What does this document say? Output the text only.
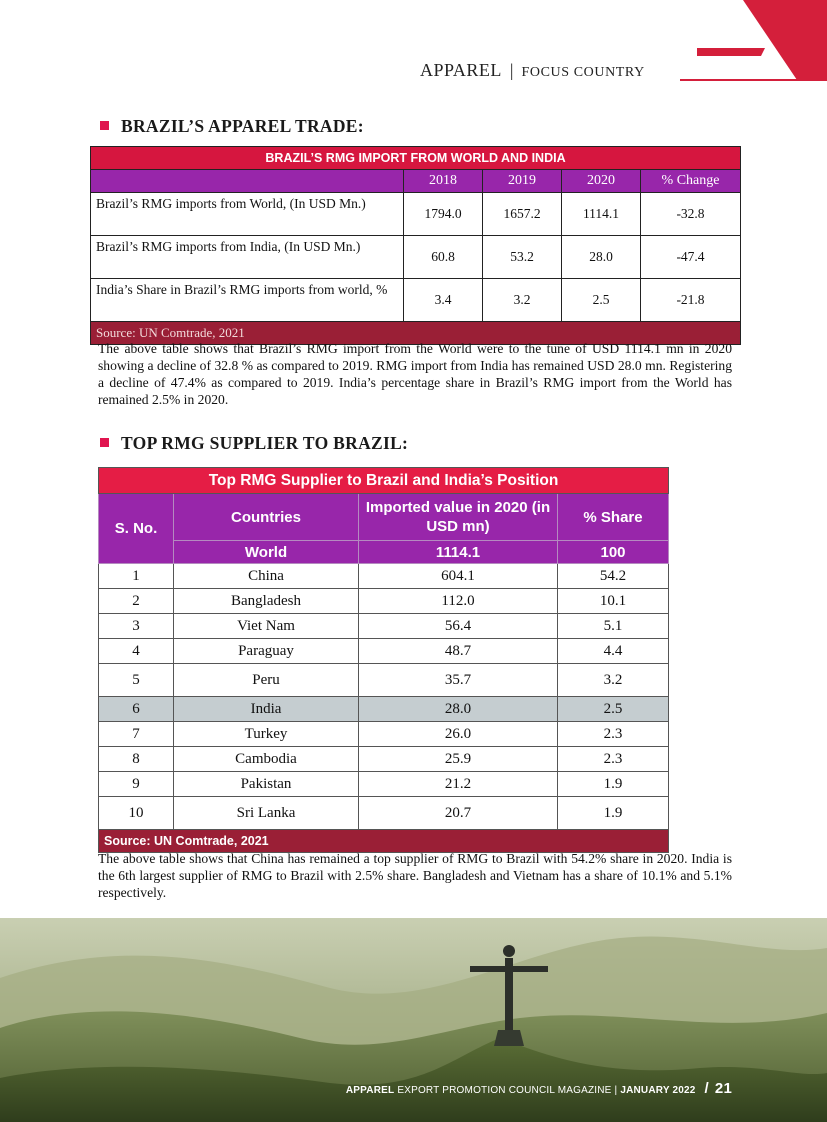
APPAREL | FOCUS COUNTRY
BRAZIL’S APPAREL TRADE:
BRAZIL’S RMG IMPORT FROM WORLD AND INDIA				
	2018	2019	2020	% Change
Brazil’s RMG imports from World, (In USD Mn.)	1794.0	1657.2	1114.1	-32.8
Brazil’s RMG imports from India, (In USD Mn.)	60.8	53.2	28.0	-47.4
India’s Share in Brazil’s RMG imports from world, %	3.4	3.2	2.5	-21.8
Source: UN Comtrade, 2021				
The above table shows that Brazil’s RMG import from the World were to the tune of USD 1114.1 mn in 2020 showing a decline of 32.8 % as compared to 2019. RMG import from India has remained USD 28.0 mn. Registering a decline of 47.4% as compared to 2019. India’s percentage share in Brazil’s RMG import from the World has remained 2.5% in 2020.
TOP RMG SUPPLIER TO BRAZIL:
Top RMG Supplier to Brazil and India’s Position			
S. No.	Countries	Imported value in 2020 (in USD mn)	% Share
	World	1114.1	100
1	China	604.1	54.2
2	Bangladesh	112.0	10.1
3	Viet Nam	56.4	5.1
4	Paraguay	48.7	4.4
5	Peru	35.7	3.2
6	India	28.0	2.5
7	Turkey	26.0	2.3
8	Cambodia	25.9	2.3
9	Pakistan	21.2	1.9
10	Sri Lanka	20.7	1.9
Source: UN Comtrade, 2021			
The above table shows that China has remained a top supplier of RMG to Brazil with 54.2% share in 2020. India is the 6th largest supplier of RMG to Brazil with 2.5% share. Bangladesh and Vietnam has a share of 10.1% and 5.1% respectively.
APPAREL EXPORT PROMOTION COUNCIL MAGAZINE | JANUARY 2022 / 21
